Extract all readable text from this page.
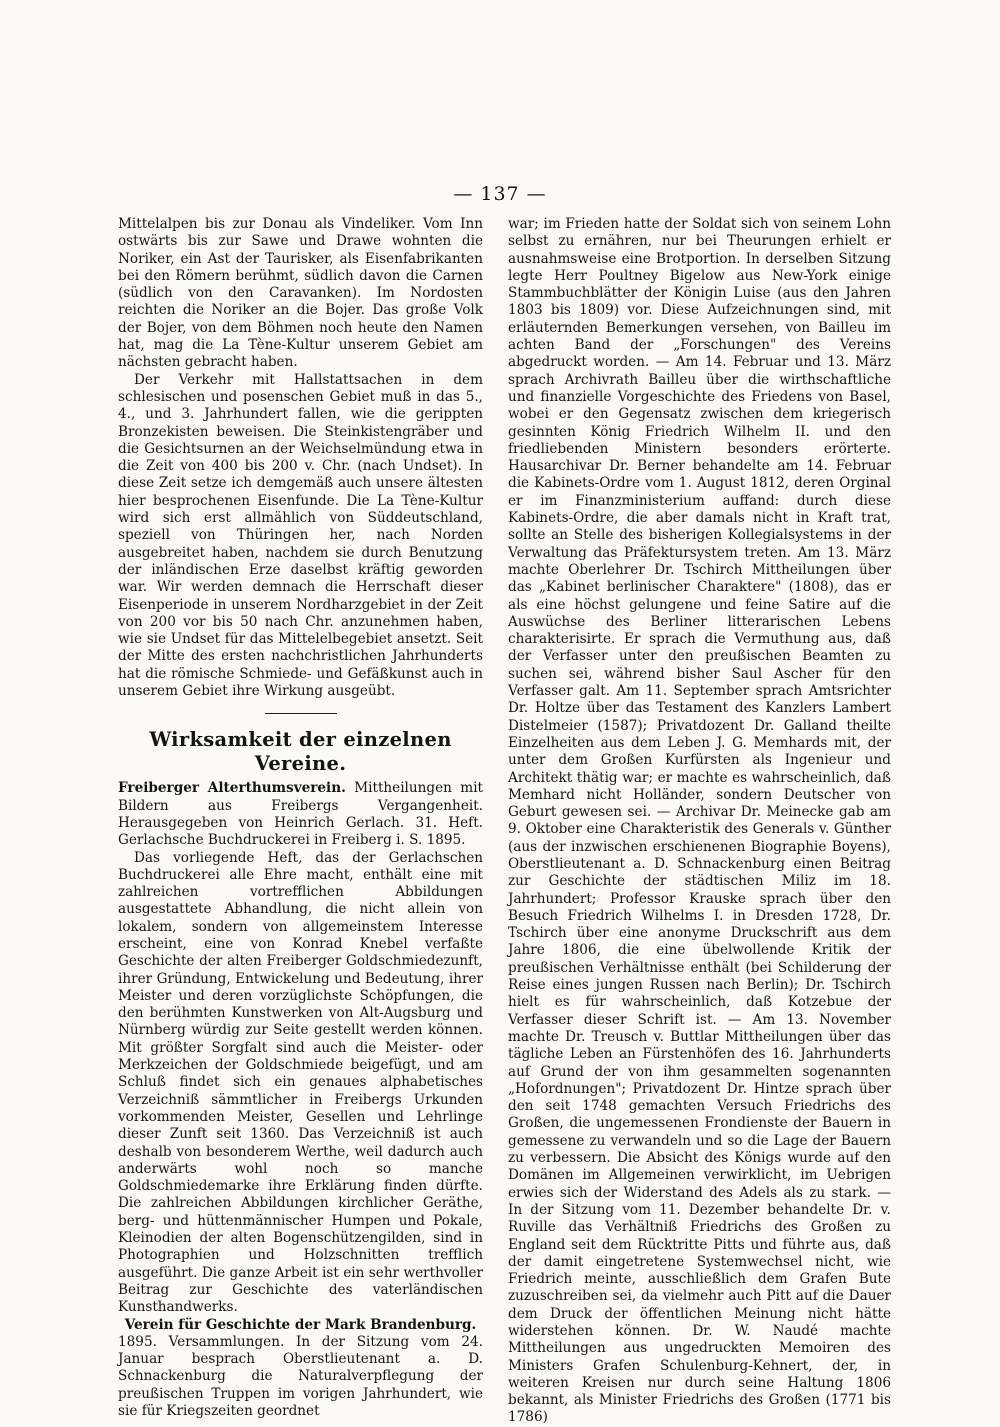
— 137 —

Mittelalpen bis zur Donau als Vindeliker. Vom Inn ostwärts bis zur Sawe und Drawe wohnten die Noriker, ein Ast der Taurisker, als Eisenfabrikanten bei den Römern berühmt, südlich davon die Carnen (südlich von den Caravanken). Im Nordosten reichten die Noriker an die Bojer. Das große Volk der Bojer, von dem Böhmen noch heute den Namen hat, mag die La Tène-Kultur unserem Gebiet am nächsten gebracht haben.

Der Verkehr mit Hallstattsachen in dem schlesischen und posenschen Gebiet muß in das 5., 4., und 3. Jahrhundert fallen, wie die gerippten Bronzekisten beweisen. Die Steinkistengräber und die Gesichtsurnen an der Weichselmündung etwa in die Zeit von 400 bis 200 v. Chr. (nach Undset). In diese Zeit setze ich demgemäß auch unsere ältesten hier besprochenen Eisenfunde. Die La Tène-Kultur wird sich erst allmählich von Süddeutschland, speziell von Thüringen her, nach Norden ausgebreitet haben, nachdem sie durch Benutzung der inländischen Erze daselbst kräftig geworden war. Wir werden demnach die Herrschaft dieser Eisenperiode in unserem Nordharzgebiet in der Zeit von 200 vor bis 50 nach Chr. anzunehmen haben, wie sie Undset für das Mittelelbegebiet ansetzt. Seit der Mitte des ersten nachchristlichen Jahrhunderts hat die römische Schmiede- und Gefäßkunst auch in unserem Gebiet ihre Wirkung ausgeübt.

Wirksamkeit der einzelnen Vereine.

Freiberger Alterthumsverein. Mittheilungen mit Bildern aus Freibergs Vergangenheit. Herausgegeben von Heinrich Gerlach. 31. Heft. Gerlachsche Buchdruckerei in Freiberg i. S. 1895.

Das vorliegende Heft, das der Gerlachschen Buchdruckerei alle Ehre macht, enthält eine mit zahlreichen vortrefflichen Abbildungen ausgestattete Abhandlung, die nicht allein von lokalem, sondern von allgemeinstem Interesse erscheint, eine von Konrad Knebel verfaßte Geschichte der alten Freiberger Goldschmiedezunft, ihrer Gründung, Entwickelung und Bedeutung, ihrer Meister und deren vorzüglichste Schöpfungen, die den berühmten Kunstwerken von Alt-Augsburg und Nürnberg würdig zur Seite gestellt werden können. Mit größter Sorgfalt sind auch die Meister- oder Merkzeichen der Goldschmiede beigefügt, und am Schluß findet sich ein genaues alphabetisches Verzeichniß sämmtlicher in Freibergs Urkunden vorkommenden Meister, Gesellen und Lehrlinge dieser Zunft seit 1360. Das Verzeichniß ist auch deshalb von besonderem Werthe, weil dadurch auch anderwärts wohl noch so manche Goldschmiedemarke ihre Erklärung finden dürfte. Die zahlreichen Abbildungen kirchlicher Geräthe, berg- und hüttenmännischer Humpen und Pokale, Kleinodien der alten Bogenschützengilden, sind in Photographien und Holzschnitten trefflich ausgeführt. Die ganze Arbeit ist ein sehr werthvoller Beitrag zur Geschichte des vaterländischen Kunsthandwerks.

Verein für Geschichte der Mark Brandenburg.

1895. Versammlungen. In der Sitzung vom 24. Januar besprach Oberstlieutenant a. D. Schnackenburg die Naturalverpflegung der preußischen Truppen im vorigen Jahrhundert, wie sie für Kriegszeiten geordnet

war; im Frieden hatte der Soldat sich von seinem Lohn selbst zu ernähren, nur bei Theurungen erhielt er ausnahmsweise eine Brotportion. In derselben Sitzung legte Herr Poultney Bigelow aus New-York einige Stammbuchblätter der Königin Luise (aus den Jahren 1803 bis 1809) vor. Diese Aufzeichnungen sind, mit erläuternden Bemerkungen versehen, von Bailleu im achten Band der „Forschungen" des Vereins abgedruckt worden. — Am 14. Februar und 13. März sprach Archivrath Bailleu über die wirthschaftliche und finanzielle Vorgeschichte des Friedens von Basel, wobei er den Gegensatz zwischen dem kriegerisch gesinnten König Friedrich Wilhelm II. und den friedliebenden Ministern besonders erörterte. Hausarchivar Dr. Berner behandelte am 14. Februar die Kabinets-Ordre vom 1. August 1812, deren Orginal er im Finanzministerium auffand: durch diese Kabinets-Ordre, die aber damals nicht in Kraft trat, sollte an Stelle des bisherigen Kollegialsystems in der Verwaltung das Präfektursystem treten. Am 13. März machte Oberlehrer Dr. Tschirch Mittheilungen über das „Kabinet berlinischer Charaktere" (1808), das er als eine höchst gelungene und feine Satire auf die Auswüchse des Berliner litterarischen Lebens charakterisirte. Er sprach die Vermuthung aus, daß der Verfasser unter den preußischen Beamten zu suchen sei, während bisher Saul Ascher für den Verfasser galt. Am 11. September sprach Amtsrichter Dr. Holtze über das Testament des Kanzlers Lambert Distelmeier (1587); Privatdozent Dr. Galland theilte Einzelheiten aus dem Leben J. G. Memhards mit, der unter dem Großen Kurfürsten als Ingenieur und Architekt thätig war; er machte es wahrscheinlich, daß Memhard nicht Holländer, sondern Deutscher von Geburt gewesen sei. — Archivar Dr. Meinecke gab am 9. Oktober eine Charakteristik des Generals v. Günther (aus der inzwischen erschienenen Biographie Boyens), Oberstlieutenant a. D. Schnackenburg einen Beitrag zur Geschichte der städtischen Miliz im 18. Jahrhundert; Professor Krauske sprach über den Besuch Friedrich Wilhelms I. in Dresden 1728, Dr. Tschirch über eine anonyme Druckschrift aus dem Jahre 1806, die eine übelwollende Kritik der preußischen Verhältnisse enthält (bei Schilderung der Reise eines jungen Russen nach Berlin); Dr. Tschirch hielt es für wahrscheinlich, daß Kotzebue der Verfasser dieser Schrift ist. — Am 13. November machte Dr. Treusch v. Buttlar Mittheilungen über das tägliche Leben an Fürstenhöfen des 16. Jahrhunderts auf Grund der von ihm gesammelten sogenannten „Hofordnungen"; Privatdozent Dr. Hintze sprach über den seit 1748 gemachten Versuch Friedrichs des Großen, die ungemessenen Frondienste der Bauern in gemessene zu verwandeln und so die Lage der Bauern zu verbessern. Die Absicht des Königs wurde auf den Domänen im Allgemeinen verwirklicht, im Uebrigen erwies sich der Widerstand des Adels als zu stark. — In der Sitzung vom 11. Dezember behandelte Dr. v. Ruville das Verhältniß Friedrichs des Großen zu England seit dem Rücktritte Pitts und führte aus, daß der damit eingetretene Systemwechsel nicht, wie Friedrich meinte, ausschließlich dem Grafen Bute zuzuschreiben sei, da vielmehr auch Pitt auf die Dauer dem Druck der öffentlichen Meinung nicht hätte widerstehen können. Dr. W. Naudé machte Mittheilungen aus ungedruckten Memoiren des Ministers Grafen Schulenburg-Kehnert, der, in weiteren Kreisen nur durch seine Haltung 1806 bekannt, als Minister Friedrichs des Großen (1771 bis 1786)
